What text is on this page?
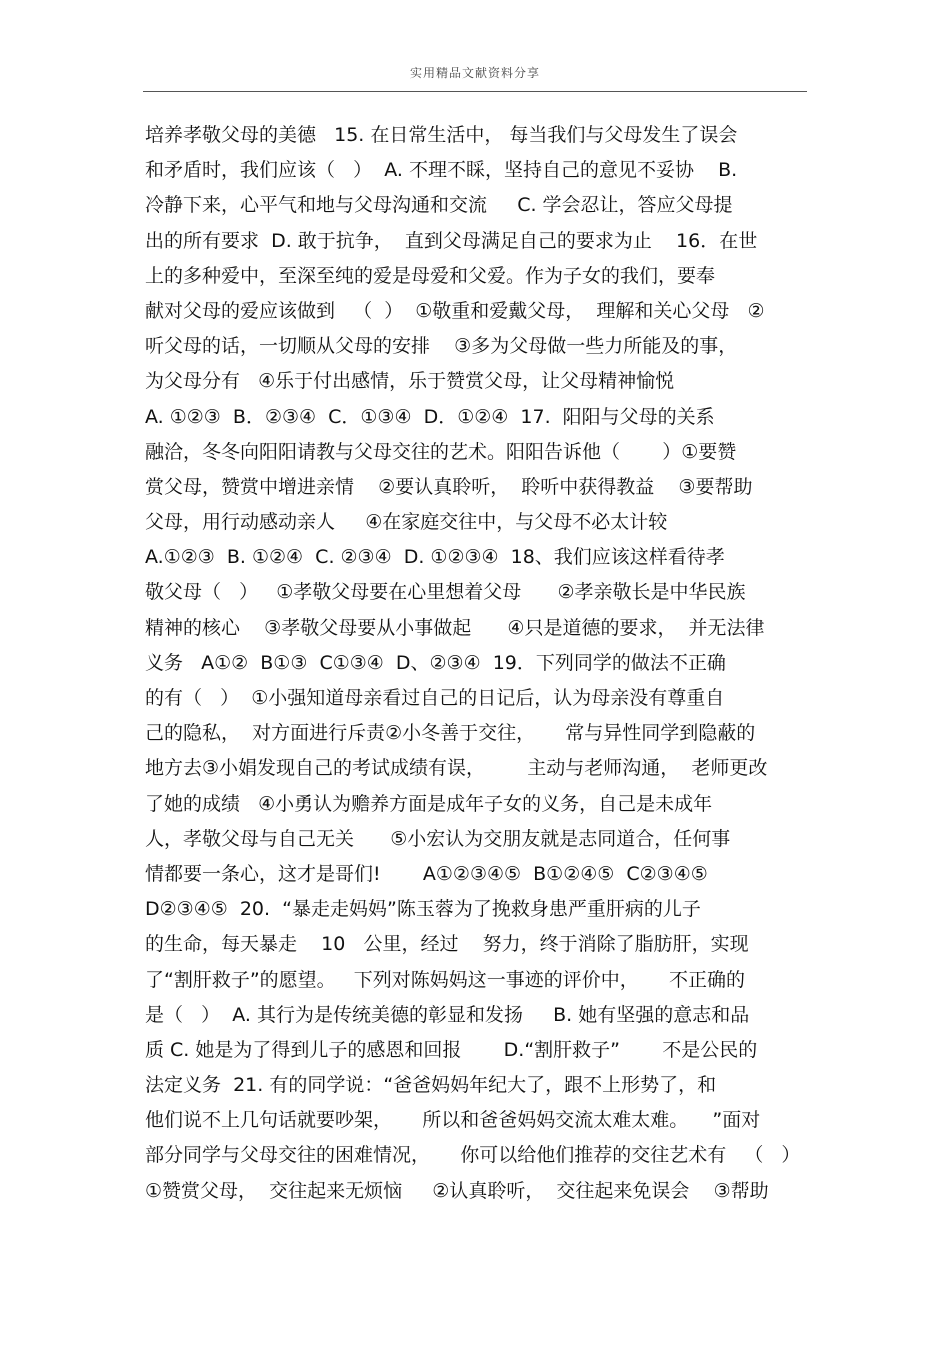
实用精品文献资料分享
培养孝敬父母的美德   15. 在日常生活中， 每当我们与父母发生了误会
和矛盾时，我们应该（   ）  A. 不理不睬，坚持自己的意见不妥协    B.
冷静下来，心平气和地与父母沟通和交流     C. 学会忍让，答应父母提
出的所有要求  D. 敢于抗争，  直到父母满足自己的要求为止    16．在世
上的多种爱中，至深至纯的爱是母爱和父爱。作为子女的我们，要奉
献对父母的爱应该做到   （  ）  ①敬重和爱戴父母，  理解和关心父母   ②
听父母的话，一切顺从父母的安排    ③多为父母做一些力所能及的事，
为父母分有   ④乐于付出感情，乐于赞赏父母，让父母精神愉悦
A. ①②③  B．②③④  C．①③④  D．①②④  17.  阳阳与父母的关系
融洽，冬冬向阳阳请教与父母交往的艺术。阳阳告诉他（       ）①要赞
赏父母，赞赏中增进亲情    ②要认真聆听，  聆听中获得教益    ③要帮助
父母，用行动感动亲人     ④在家庭交往中，与父母不必太计较
A.①②③  B. ①②④  C. ②③④  D. ①②③④  18、我们应该这样看待孝
敬父母（   ）   ①孝敬父母要在心里想着父母      ②孝亲敬长是中华民族
精神的核心    ③孝敬父母要从小事做起      ④只是道德的要求，  并无法律
义务   A①②  B①③  C①③④  D、②③④  19．下列同学的做法不正确
的有（   ）  ①小强知道母亲看过自己的日记后，认为母亲没有尊重自
己的隐私，  对方面进行斥责②小冬善于交往，     常与异性同学到隐蔽的
地方去③小娟发现自己的考试成绩有误，       主动与老师沟通，  老师更改
了她的成绩   ④小勇认为赡养方面是成年子女的义务，自己是未成年
人，孝敬父母与自己无关      ⑤小宏认为交朋友就是志同道合，任何事
情都要一条心，这才是哥们!       A①②③④⑤  B①②④⑤  C②③④⑤
D②③④⑤  20.  “暴走走妈妈”陈玉蓉为了挽救身患严重肝病的儿子
的生命，每天暴走    10   公里，经过    努力，终于消除了脂肪肝，实现
了“割肝救子”的愿望。   下列对陈妈妈这一事迹的评价中，     不正确的
是（   ）  A. 其行为是传统美德的彰显和发扬     B. 她有坚强的意志和品
质 C. 她是为了得到儿子的感恩和回报       D.“割肝救子”       不是公民的
法定义务  21. 有的同学说：“爸爸妈妈年纪大了，跟不上形势了，和
他们说不上几句话就要吵架，     所以和爸爸妈妈交流太难太难。    ”面对
部分同学与父母交往的困难情况，     你可以给他们推荐的交往艺术有   （   ）
①赞赏父母，  交往起来无烦恼     ②认真聆听，  交往起来免误会    ③帮助
